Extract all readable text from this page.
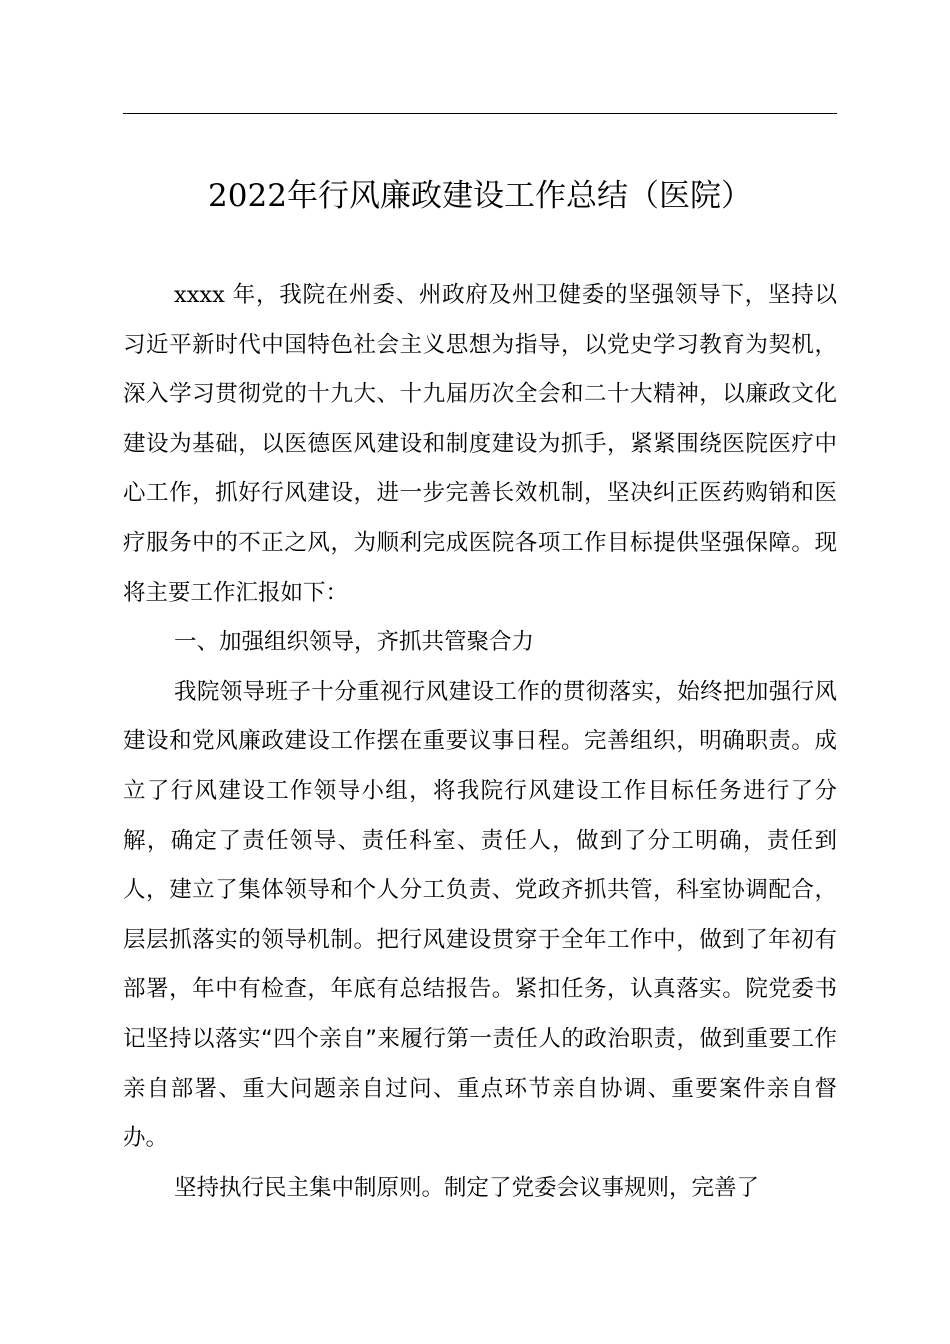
2022年行风廉政建设工作总结（医院）

xxxx 年，我院在州委、州政府及州卫健委的坚强领导下，坚持以习近平新时代中国特色社会主义思想为指导，以党史学习教育为契机，深入学习贯彻党的十九大、十九届历次全会和二十大精神，以廉政文化建设为基础，以医德医风建设和制度建设为抓手，紧紧围绕医院医疗中心工作，抓好行风建设，进一步完善长效机制，坚决纠正医药购销和医疗服务中的不正之风，为顺利完成医院各项工作目标提供坚强保障。现将主要工作汇报如下：

一、加强组织领导，齐抓共管聚合力

我院领导班子十分重视行风建设工作的贯彻落实，始终把加强行风建设和党风廉政建设工作摆在重要议事日程。完善组织，明确职责。成立了行风建设工作领导小组，将我院行风建设工作目标任务进行了分解，确定了责任领导、责任科室、责任人，做到了分工明确，责任到人，建立了集体领导和个人分工负责、党政齐抓共管，科室协调配合，层层抓落实的领导机制。把行风建设贯穿于全年工作中，做到了年初有部署，年中有检查，年底有总结报告。紧扣任务，认真落实。院党委书记坚持以落实“四个亲自”来履行第一责任人的政治职责，做到重要工作亲自部署、重大问题亲自过问、重点环节亲自协调、重要案件亲自督办。

坚持执行民主集中制原则。制定了党委会议事规则，完善了
